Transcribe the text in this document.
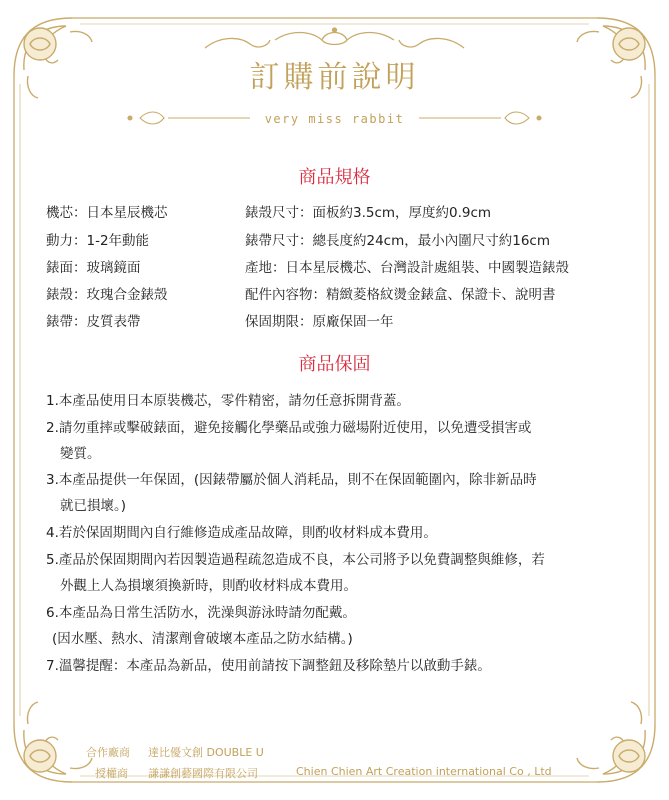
訂購前說明
very miss rabbit
商品規格
機芯：日本星辰機芯
動力：1-2年動能
錶面：玻璃鏡面
錶殼：玫瑰合金錶殼
錶帶：皮質表帶
錶殼尺寸：面板約3.5cm，厚度約0.9cm
錶帶尺寸：總長度約24cm，最小內圍尺寸約16cm
產地：日本星辰機芯、台灣設計處組裝、中國製造錶殼
配件內容物：精緻菱格紋燙金錶盒、保證卡、說明書
保固期限：原廠保固一年
商品保固
1.本產品使用日本原裝機芯，零件精密，請勿任意拆開背蓋。
2.請勿重摔或擊破錶面，避免接觸化學藥品或強力磁場附近使用，以免遭受損害或
變質。
3.本產品提供一年保固，(因錶帶屬於個人消耗品，則不在保固範圍內，除非新品時
就已損壞。)
4.若於保固期間內自行維修造成產品故障，則酌收材料成本費用。
5.產品於保固期間內若因製造過程疏忽造成不良，本公司將予以免費調整與維修，若
外觀上人為損壞須換新時，則酌收材料成本費用。
6.本產品為日常生活防水，洗澡與游泳時請勿配戴。
(因水壓、熱水、清潔劑會破壞本產品之防水結構。)
7.溫馨提醒：本產品為新品，使用前請按下調整鈕及移除墊片以啟動手錶。
合作廠商 達比優文創 DOUBLE U
授權商 謙謙創藝國際有限公司	Chien Chien Art Creation international Co , Ltd
